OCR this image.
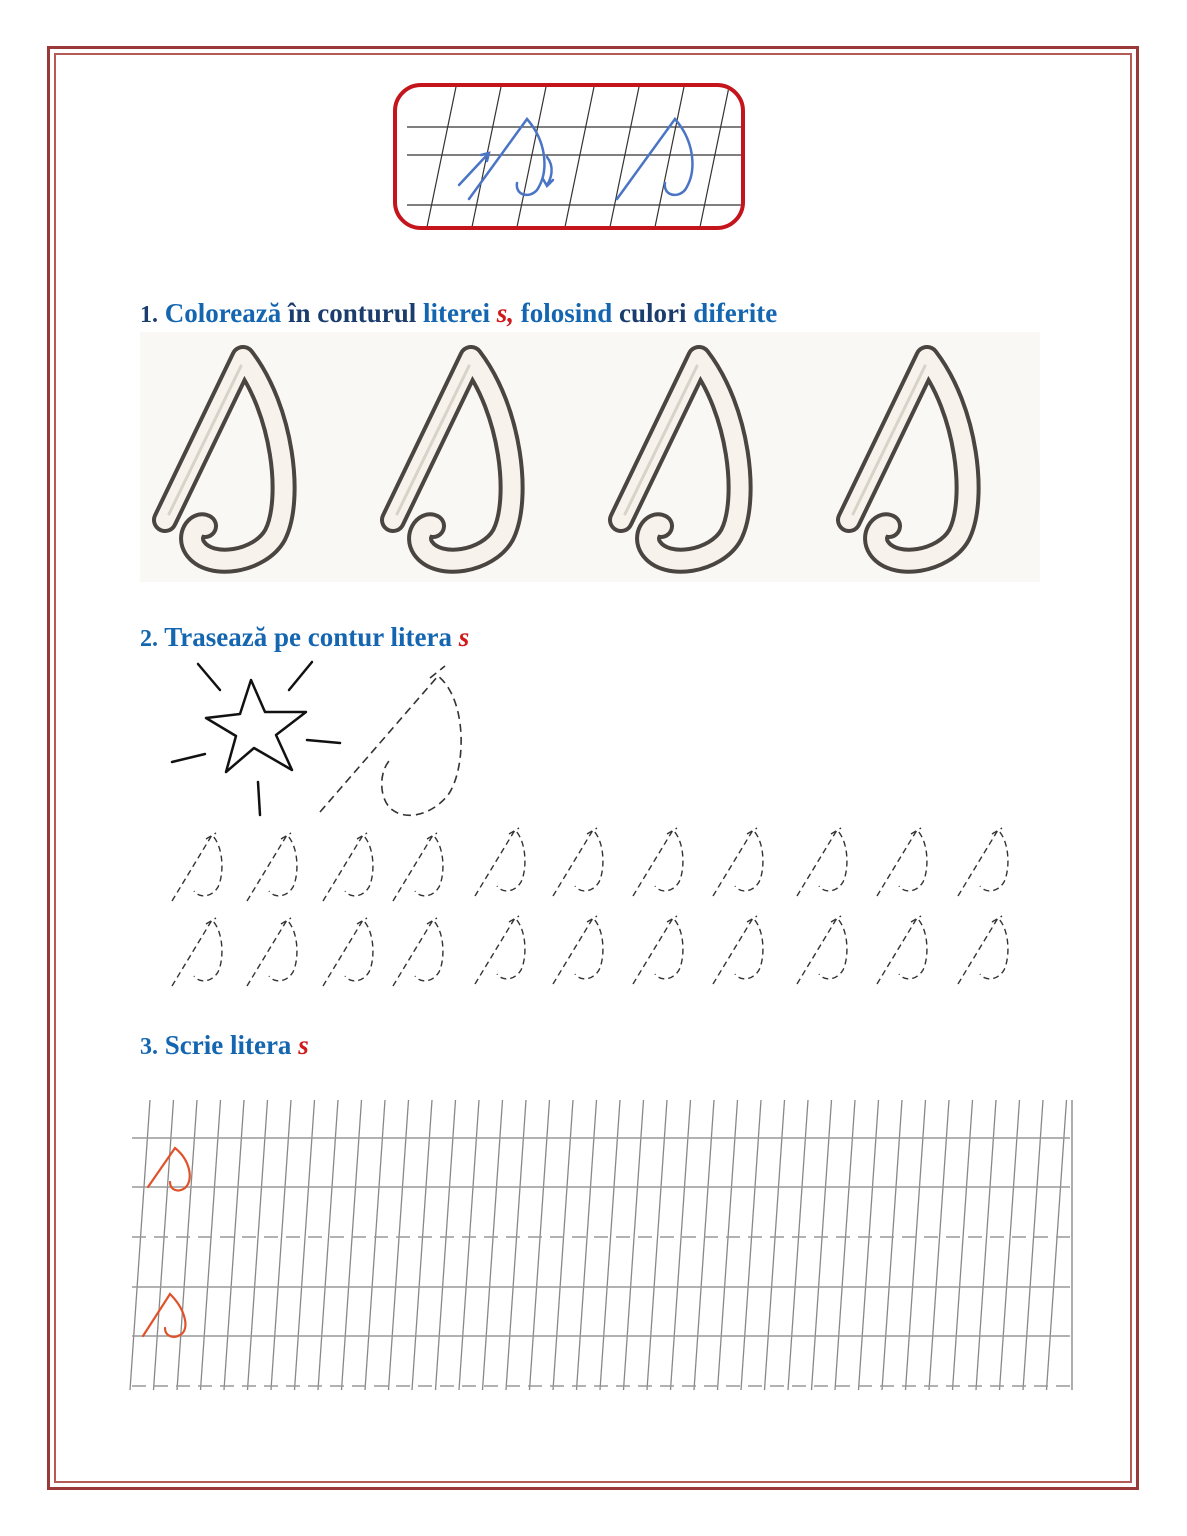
1. Colorează în conturul literei s, folosind culori diferite
2. Trasează pe contur litera s
3. Scrie litera s
